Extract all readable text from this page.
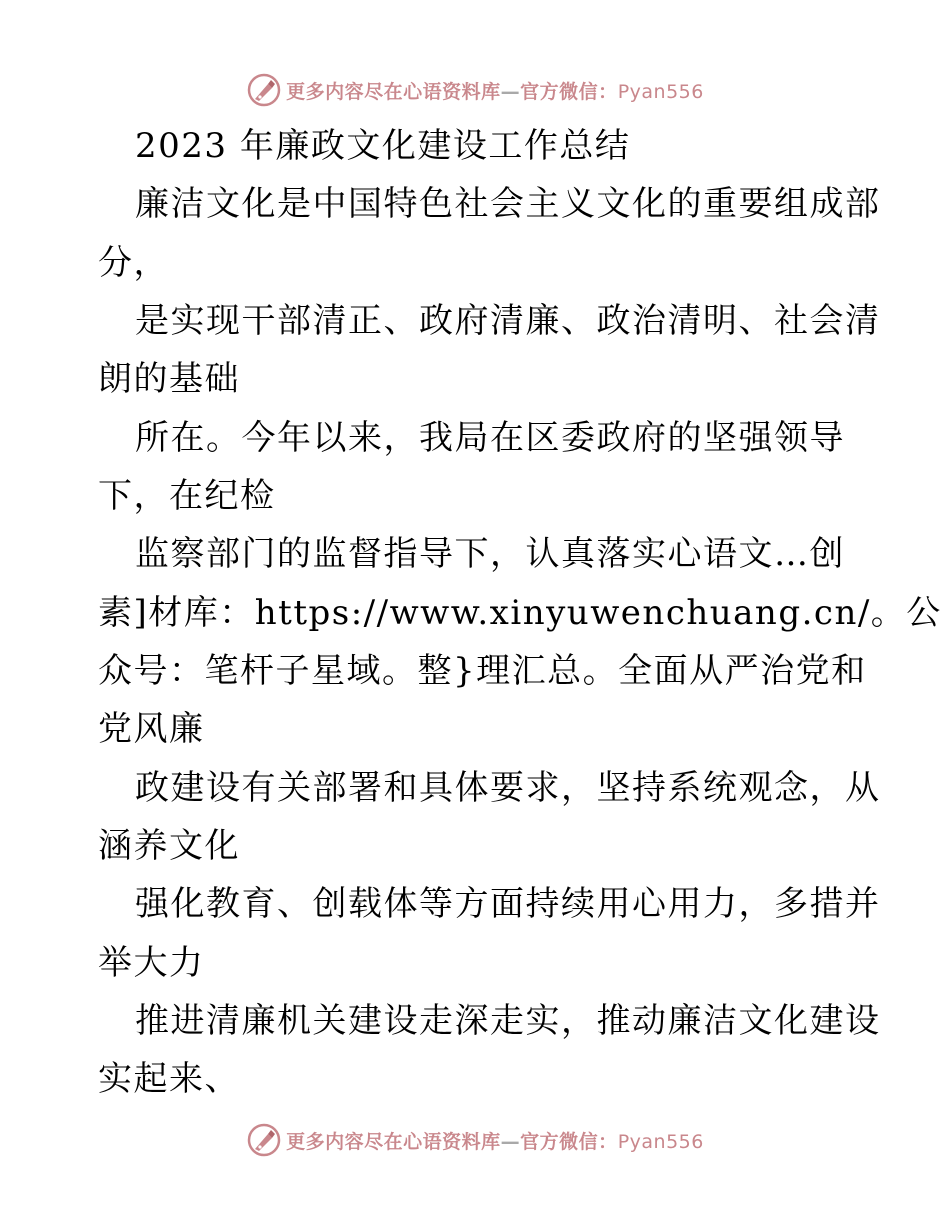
更多内容尽在心语资料库—官方微信：Pyan556
2023 年廉政文化建设工作总结
廉洁文化是中国特色社会主义文化的重要组成部
分，
是实现干部清正、政府清廉、政治清明、社会清
朗的基础
所在。今年以来，我局在区委政府的坚强领导
下，在纪检
监察部门的监督指导下，认真落实心语文…创
素]材库：https://www.xinyuwenchuang.cn/。公
众号：笔杆子星域。整}理汇总。全面从严治党和
党风廉
政建设有关部署和具体要求，坚持系统观念，从
涵养文化
强化教育、创载体等方面持续用心用力，多措并
举大力
推进清廉机关建设走深走实，推动廉洁文化建设
实起来、
更多内容尽在心语资料库—官方微信：Pyan556
